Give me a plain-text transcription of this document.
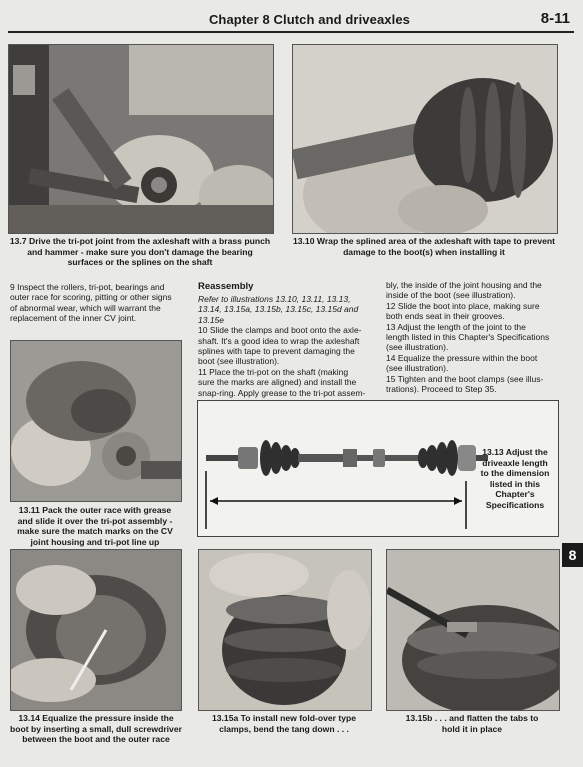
Chapter 8 Clutch and driveaxles	8-11
13.7 Drive the tri-pot joint from the axleshaft with a brass punch
and hammer - make sure you don't damage the bearing
surfaces or the splines on the shaft
13.10 Wrap the splined area of the axleshaft with tape to prevent
damage to the boot(s) when installing it
9 Inspect the rollers, tri-pot, bearings and
outer race for scoring, pitting or other signs
of abnormal wear, which will warrant the
replacement of the inner CV joint.
Reassembly
Refer to illustrations 13.10, 13.11, 13.13,
13.14, 13.15a, 13.15b, 13.15c, 13.15d and
13.15e
10 Slide the clamps and boot onto the axle-
shaft. It's a good idea to wrap the axleshaft
splines with tape to prevent damaging the
boot (see illustration).
11 Place the tri-pot on the shaft (making
sure the marks are aligned) and install the
snap-ring. Apply grease to the tri-pot assem-
bly, the inside of the joint housing and the
inside of the boot (see illustration).
12 Slide the boot into place, making sure
both ends seat in their grooves.
13 Adjust the length of the joint to the
length listed in this Chapter's Specifications
(see illustration).
14 Equalize the pressure within the boot
(see illustration).
15 Tighten and the boot clamps (see illus-
trations). Proceed to Step 35.
13.11 Pack the outer race with grease
and slide it over the tri-pot assembly -
make sure the match marks on the CV
joint housing and tri-pot line up
13.13 Adjust the
driveaxle length
to the dimension
listed in this
Chapter's
Specifications
8
13.14 Equalize the pressure inside the
boot by inserting a small, dull screwdriver
between the boot and the outer race
13.15a To install new fold-over type
clamps, bend the tang down . . .
13.15b . . . and flatten the tabs to
hold it in place
